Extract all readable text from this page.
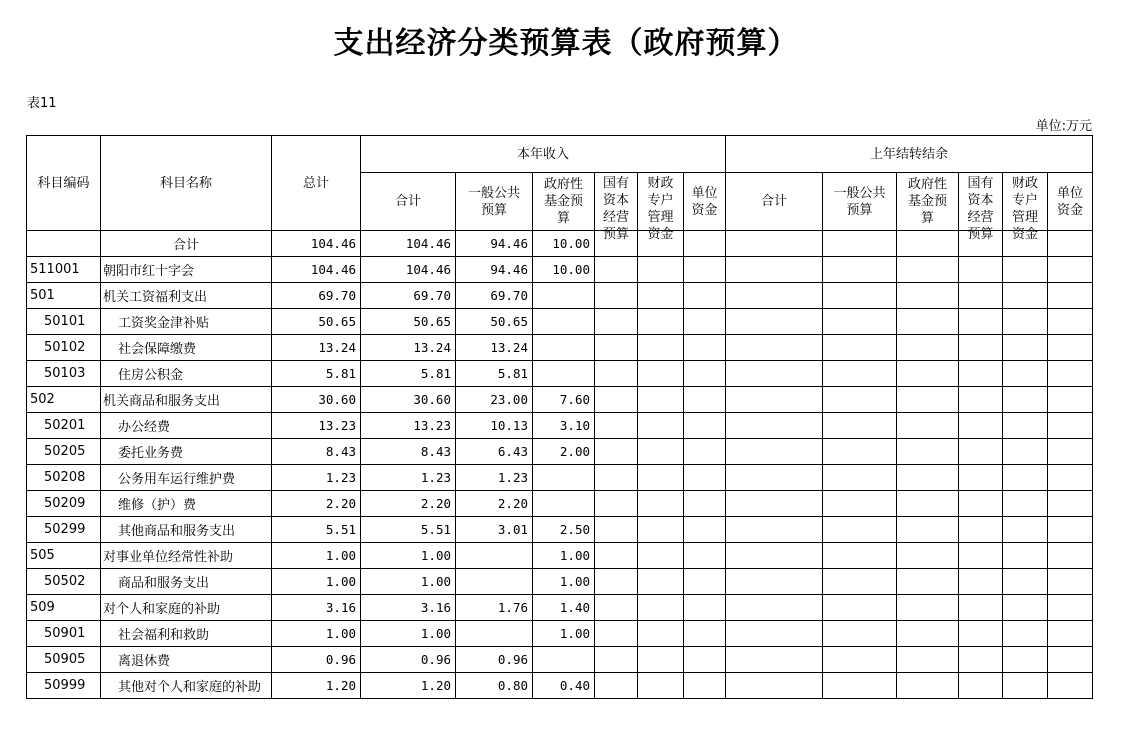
支出经济分类预算表（政府预算）
表11
单位:万元
科目编码	科目名称	总计	本年收入						上年结转结余					
			合计	一般公共预算	政府性基金预算	国有资本经营预算	财政专户管理资金	单位资金	合计	一般公共预算	政府性基金预算	国有资本经营预算	财政专户管理资金	单位资金
	合计	104.46	104.46	94.46	10.00									
511001	朝阳市红十字会	104.46	104.46	94.46	10.00									
501	机关工资福利支出	69.70	69.70	69.70										
50101	工资奖金津补贴	50.65	50.65	50.65										
50102	社会保障缴费	13.24	13.24	13.24										
50103	住房公积金	5.81	5.81	5.81										
502	机关商品和服务支出	30.60	30.60	23.00	7.60									
50201	办公经费	13.23	13.23	10.13	3.10									
50205	委托业务费	8.43	8.43	6.43	2.00									
50208	公务用车运行维护费	1.23	1.23	1.23										
50209	维修（护）费	2.20	2.20	2.20										
50299	其他商品和服务支出	5.51	5.51	3.01	2.50									
505	对事业单位经常性补助	1.00	1.00		1.00									
50502	商品和服务支出	1.00	1.00		1.00									
509	对个人和家庭的补助	3.16	3.16	1.76	1.40									
50901	社会福利和救助	1.00	1.00		1.00									
50905	离退休费	0.96	0.96	0.96										
50999	其他对个人和家庭的补助	1.20	1.20	0.80	0.40									
